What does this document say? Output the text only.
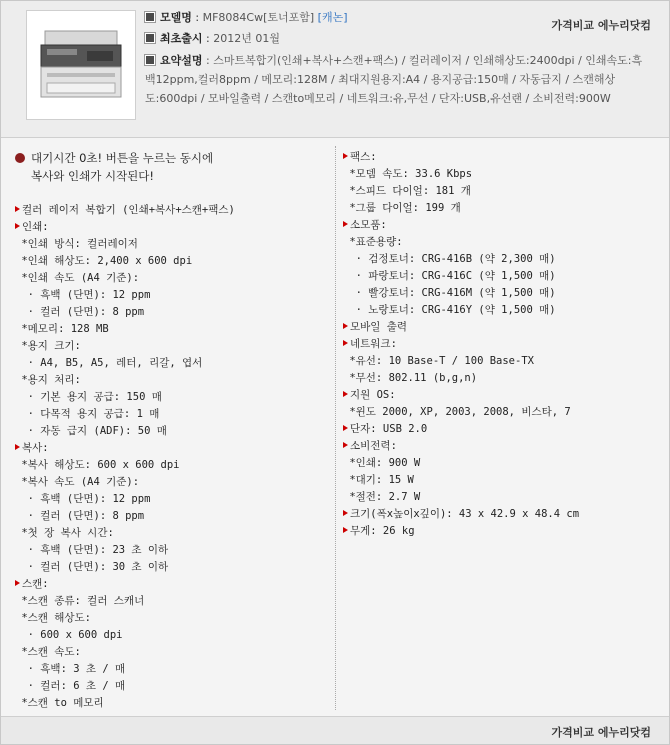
모델명 : MF8084Cw[토너포함] [캐논]
최초출시 : 2012년 01월
요약설명 : 스마트복합기(인쇄+복사+스캔+팩스) / 컬러레이저 / 인쇄해상도:2400dpi / 인쇄속도:흑백12ppm,컬러8ppm / 메모리:128M / 최대지원용지:A4 / 용지공급:150매 / 자동급지 / 스캔해상도:600dpi / 모바일출력 / 스캔to메모리 / 네트워크:유,무선 / 단자:USB,유선랜 / 소비전력:900W
가격비교 에누리닷컴
대기시간 0초! 버튼을 누르는 동시에
복사와 인쇄가 시작된다!
컬러 레이저 복합기 (인쇄+복사+스캔+팩스)
인쇄:
*인쇄 방식: 컬러레이저
*인쇄 해상도: 2,400 x 600 dpi
*인쇄 속도 (A4 기준):
· 흑백 (단면): 12 ppm
· 컬러 (단면): 8 ppm
*메모리: 128 MB
*용지 크기:
· A4, B5, A5, 레터, 리갈, 엽서
*용지 처리:
· 기본 용지 공급: 150 매
· 다목적 용지 공급: 1 매
· 자동 급지 (ADF): 50 매
복사:
*복사 해상도: 600 x 600 dpi
*복사 속도 (A4 기준):
· 흑백 (단면): 12 ppm
· 컬러 (단면): 8 ppm
*첫 장 복사 시간:
· 흑백 (단면): 23 초 이하
· 컬러 (단면): 30 초 이하
스캔:
*스캔 종류: 컬러 스캐너
*스캔 해상도:
· 600 x 600 dpi
*스캔 속도:
· 흑백: 3 초 / 매
· 컬러: 6 초 / 매
*스캔 to 메모리
팩스:
*모뎀 속도: 33.6 Kbps
*스피드 다이얼: 181 개
*그룹 다이얼: 199 개
소모품:
*표준용량:
· 검정토너: CRG-416B (약 2,300 매)
· 파랑토너: CRG-416C (약 1,500 매)
· 빨강토너: CRG-416M (약 1,500 매)
· 노랑토너: CRG-416Y (약 1,500 매)
모바일 출력
네트워크:
*유선: 10 Base-T / 100 Base-TX
*무선: 802.11 (b,g,n)
지원 OS:
*윈도 2000, XP, 2003, 2008, 비스타, 7
단자: USB 2.0
소비전력:
*인쇄: 900 W
*대기: 15 W
*절전: 2.7 W
크기(폭x높이x깊이): 43 x 42.9 x 48.4 cm
무게: 26 kg
가격비교 에누리닷컴
